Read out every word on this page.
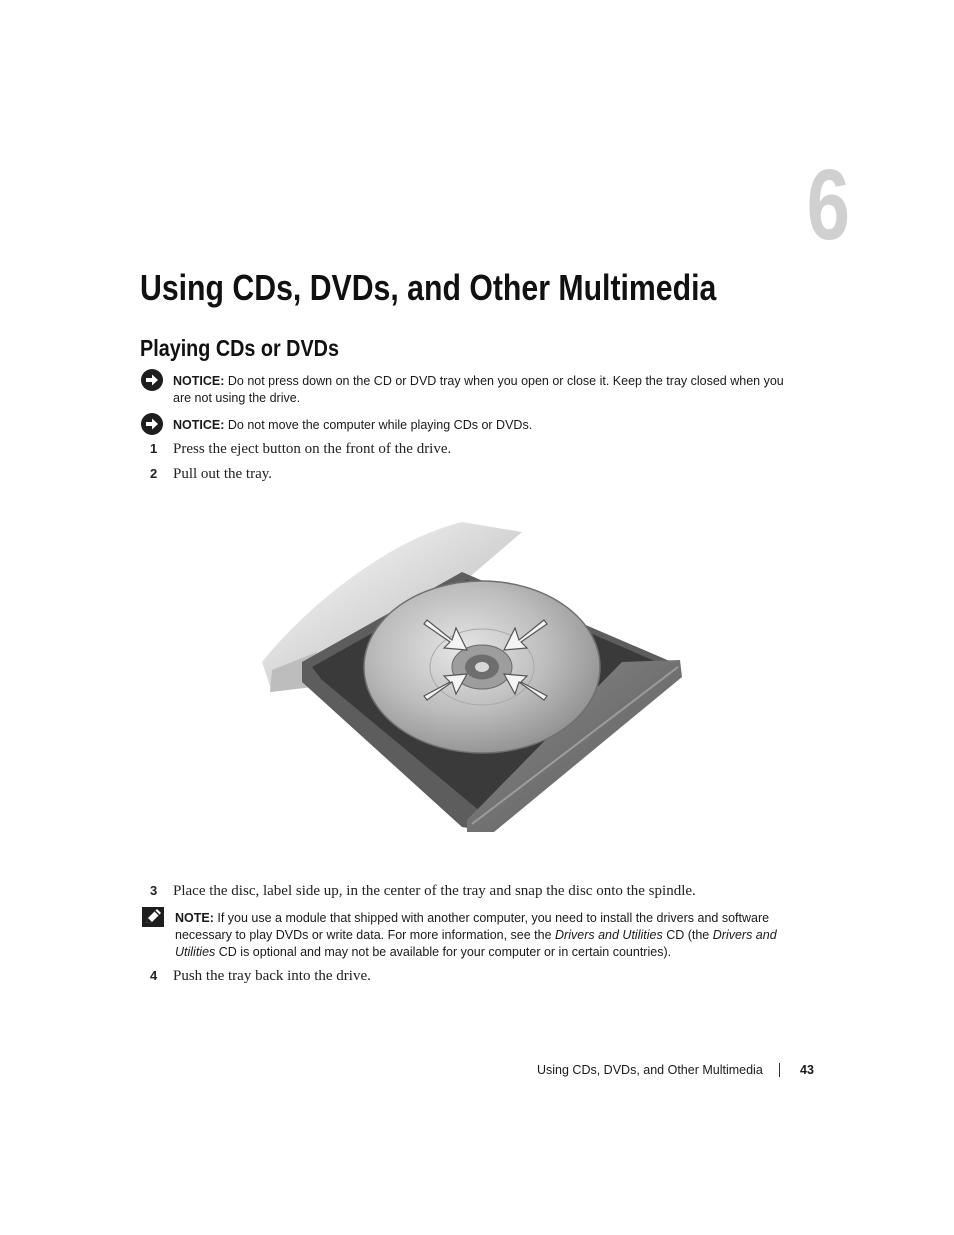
6
Using CDs, DVDs, and Other Multimedia
Playing CDs or DVDs
NOTICE: Do not press down on the CD or DVD tray when you open or close it. Keep the tray closed when you are not using the drive.
NOTICE: Do not move the computer while playing CDs or DVDs.
1 Press the eject button on the front of the drive.
2 Pull out the tray.
3 Place the disc, label side up, in the center of the tray and snap the disc onto the spindle.
NOTE: If you use a module that shipped with another computer, you need to install the drivers and software necessary to play DVDs or write data. For more information, see the Drivers and Utilities CD (the Drivers and Utilities CD is optional and may not be available for your computer or in certain countries).
4 Push the tray back into the drive.
Using CDs, DVDs, and Other Multimedia	43
